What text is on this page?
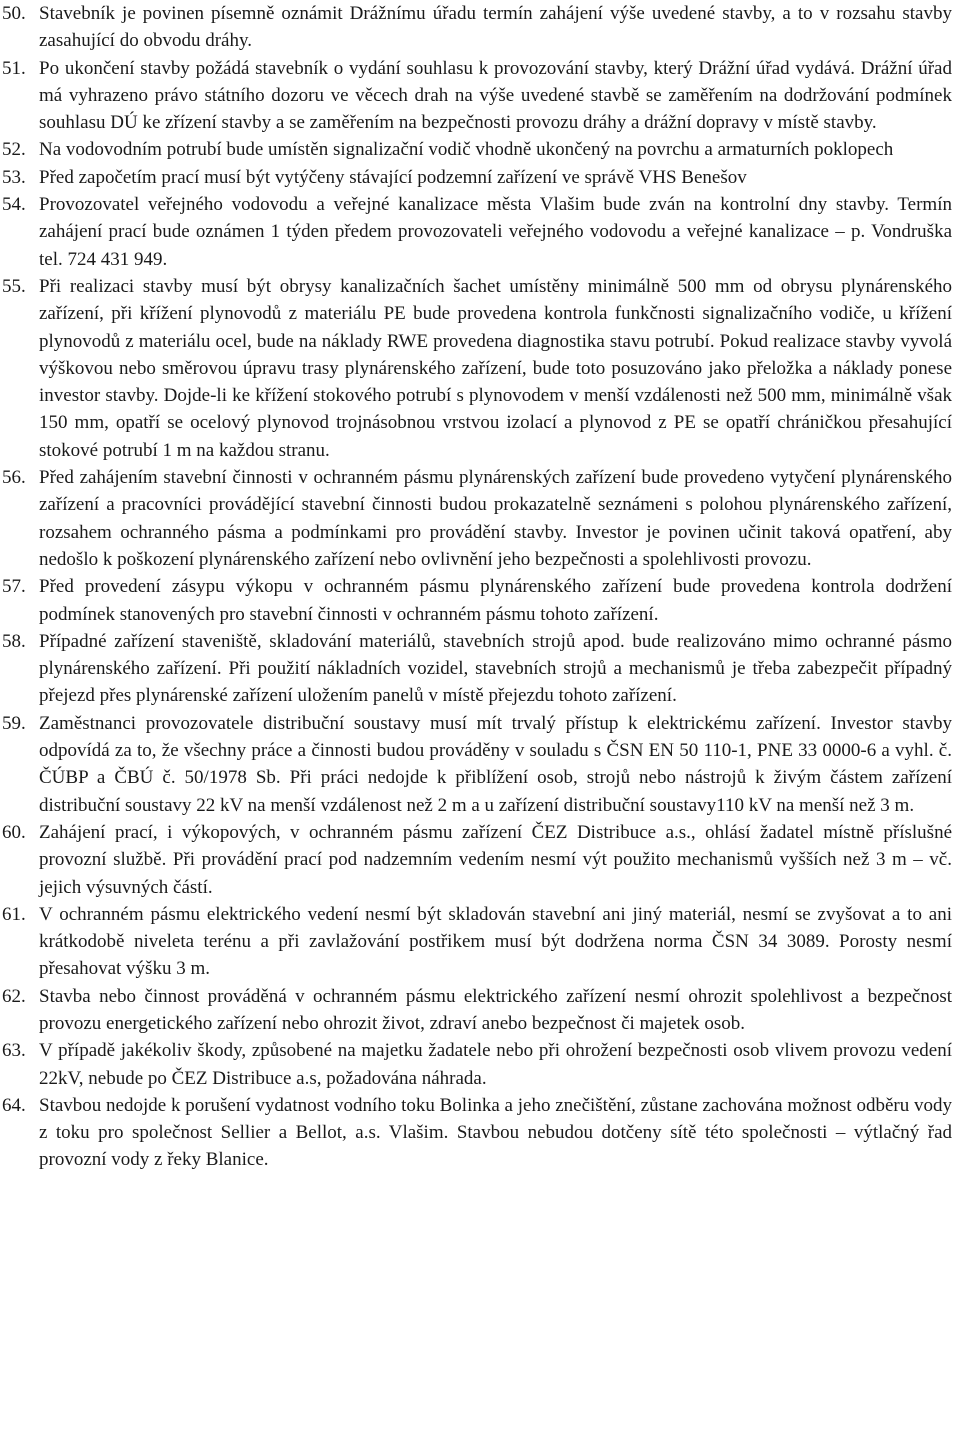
50. Stavebník je povinen písemně oznámit Drážnímu úřadu termín zahájení výše uvedené stavby, a to v rozsahu stavby zasahující do obvodu dráhy.
51. Po ukončení stavby požádá stavebník o vydání souhlasu k provozování stavby, který Drážní úřad vydává. Drážní úřad má vyhrazeno právo státního dozoru ve věcech drah na výše uvedené stavbě se zaměřením na dodržování podmínek souhlasu DÚ ke zřízení stavby a se zaměřením na bezpečnosti provozu dráhy a drážní dopravy v místě stavby.
52. Na vodovodním potrubí bude umístěn signalizační vodič vhodně ukončený na povrchu a armaturních poklopech
53. Před započetím prací musí být vytýčeny stávající podzemní zařízení ve správě VHS Benešov
54. Provozovatel veřejného vodovodu a veřejné kanalizace města Vlašim bude zván na kontrolní dny stavby. Termín zahájení prací bude oznámen 1 týden předem provozovateli veřejného vodovodu a veřejné kanalizace – p. Vondruška tel. 724 431 949.
55. Při realizaci stavby musí být obrysy kanalizačních šachet umístěny minimálně 500 mm od obrysu plynárenského zařízení, při křížení plynovodů z materiálu PE bude provedena kontrola funkčnosti signalizačního vodiče, u křížení plynovodů z materiálu ocel, bude na náklady RWE provedena diagnostika stavu potrubí. Pokud realizace stavby vyvolá výškovou nebo směrovou úpravu trasy plynárenského zařízení, bude toto posuzováno jako přeložka a náklady ponese investor stavby. Dojde-li ke křížení stokového potrubí s plynovodem v menší vzdálenosti než 500 mm, minimálně však 150 mm, opatří se ocelový plynovod trojnásobnou vrstvou izolací a plynovod z PE se opatří chráničkou přesahující stokové potrubí 1 m na každou stranu.
56. Před zahájením stavební činnosti v ochranném pásmu plynárenských zařízení bude provedeno vytyčení plynárenského zařízení a pracovníci provádějící stavební činnosti budou prokazatelně seznámeni s polohou plynárenského zařízení, rozsahem ochranného pásma a podmínkami pro provádění stavby. Investor je povinen učinit taková opatření, aby nedošlo k poškození plynárenského zařízení nebo ovlivnění jeho bezpečnosti a spolehlivosti provozu.
57. Před provedení zásypu výkopu v ochranném pásmu plynárenského zařízení bude provedena kontrola dodržení podmínek stanovených pro stavební činnosti v ochranném pásmu tohoto zařízení.
58. Případné zařízení staveniště, skladování materiálů, stavebních strojů apod. bude realizováno mimo ochranné pásmo plynárenského zařízení. Při použití nákladních vozidel, stavebních strojů a mechanismů je třeba zabezpečit případný přejezd přes plynárenské zařízení uložením panelů v místě přejezdu tohoto zařízení.
59. Zaměstnanci provozovatele distribuční soustavy musí mít trvalý přístup k elektrickému zařízení. Investor stavby odpovídá za to, že všechny práce a činnosti budou prováděny v souladu s ČSN EN 50 110-1, PNE 33 0000-6 a vyhl. č. ČÚBP a ČBÚ č. 50/1978 Sb. Při práci nedojde k přiblížení osob, strojů nebo nástrojů k živým částem zařízení distribuční soustavy 22 kV na menší vzdálenost než 2 m a u zařízení distribuční soustavy110 kV na menší než 3 m.
60. Zahájení prací, i výkopových, v ochranném pásmu zařízení ČEZ Distribuce a.s., ohlásí žadatel místně příslušné provozní službě. Při provádění prací pod nadzemním vedením nesmí výt použito mechanismů vyšších než 3 m – vč. jejich výsuvných částí.
61. V ochranném pásmu elektrického vedení nesmí být skladován stavební ani jiný materiál, nesmí se zvyšovat a to ani krátkodobě niveleta terénu a při zavlažování postřikem musí být dodržena norma ČSN 34 3089. Porosty nesmí přesahovat výšku 3 m.
62. Stavba nebo činnost prováděná v ochranném pásmu elektrického zařízení nesmí ohrozit spolehlivost a bezpečnost provozu energetického zařízení nebo ohrozit život, zdraví anebo bezpečnost či majetek osob.
63. V případě jakékoliv škody, způsobené na majetku žadatele nebo při ohrožení bezpečnosti osob vlivem provozu vedení 22kV, nebude po ČEZ Distribuce a.s, požadována náhrada.
64. Stavbou nedojde k porušení vydatnost vodního toku Bolinka a jeho znečištění, zůstane zachována možnost odběru vody z toku pro společnost Sellier a Bellot, a.s. Vlašim. Stavbou nebudou dotčeny sítě této společnosti – výtlačný řad provozní vody z řeky Blanice.
